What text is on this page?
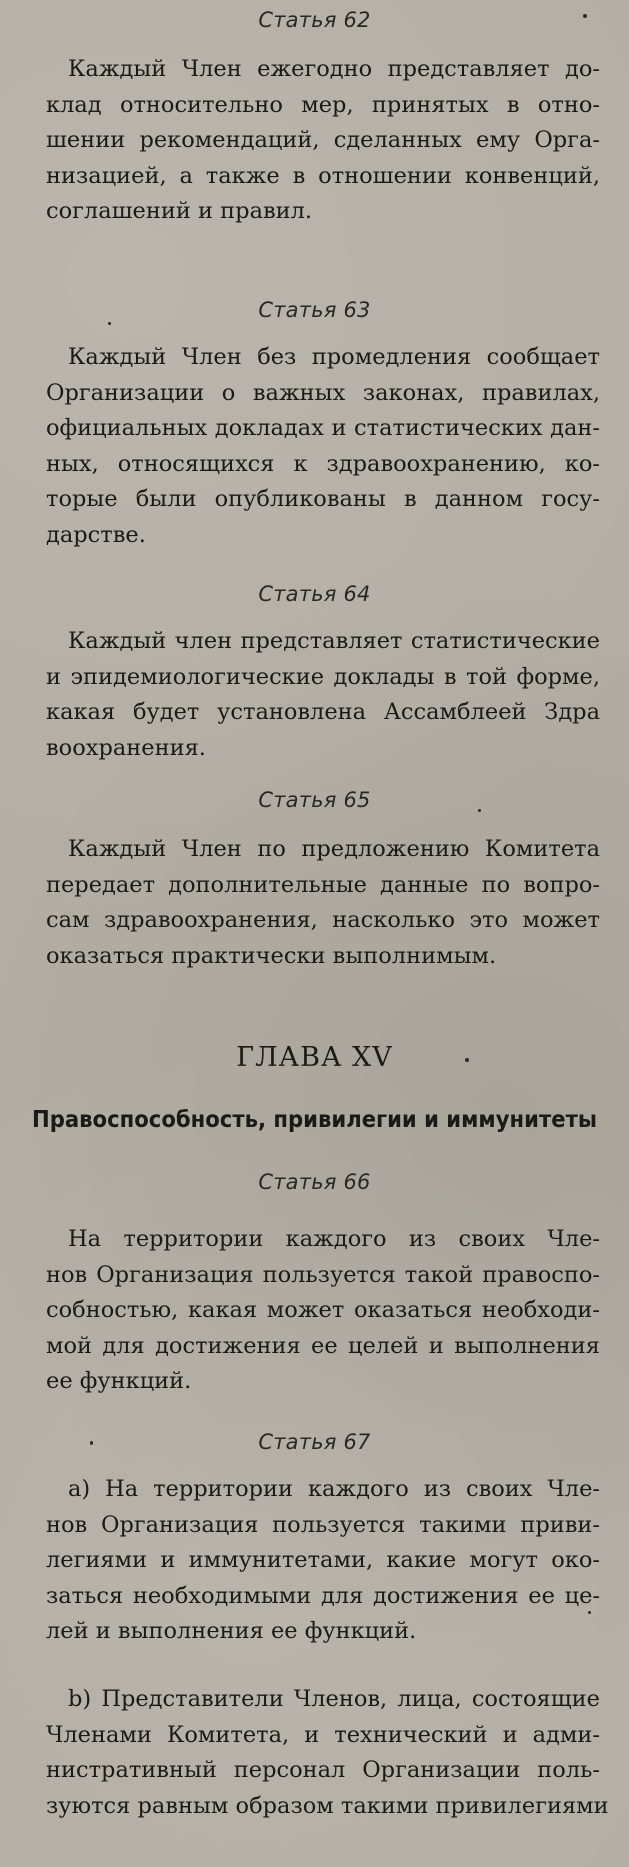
Статья 62
Каждый Член ежегодно представляет до-
клад относительно мер, принятых в отно-
шении рекомендаций, сделанных ему Орга-
низацией, а также в отношении конвенций,
соглашений и правил.
Статья 63
Каждый Член без промедления сообщает
Организации о важных законах, правилах,
официальных докладах и статистических дан-
ных, относящихся к здравоохранению, ко-
торые были опубликованы в данном госу-
дарстве.
Статья 64
Каждый член представляет статистические
и эпидемиологические доклады в той форме,
какая будет установлена Ассамблеей Здра
воохранения.
Статья 65
Каждый Член по предложению Комитета
передает дополнительные данные по вопро-
сам здравоохранения, насколько это может
оказаться практически выполнимым.
ГЛАВА XV
Правоспособность, привилегии и иммунитеты
Статья 66
На территории каждого из своих Чле-
нов Организация пользуется такой правоспо-
собностью, какая может оказаться необходи-
мой для достижения ее целей и выполнения
ее функций.
Статья 67
а) На территории каждого из своих Чле-
нов Организация пользуется такими приви-
легиями и иммунитетами, какие могут око-
заться необходимыми для достижения ее це-
лей и выполнения ее функций.
b) Представители Членов, лица, состоящие
Членами Комитета, и технический и адми-
нистративный персонал Организации поль-
зуются равным образом такими привилегиями
